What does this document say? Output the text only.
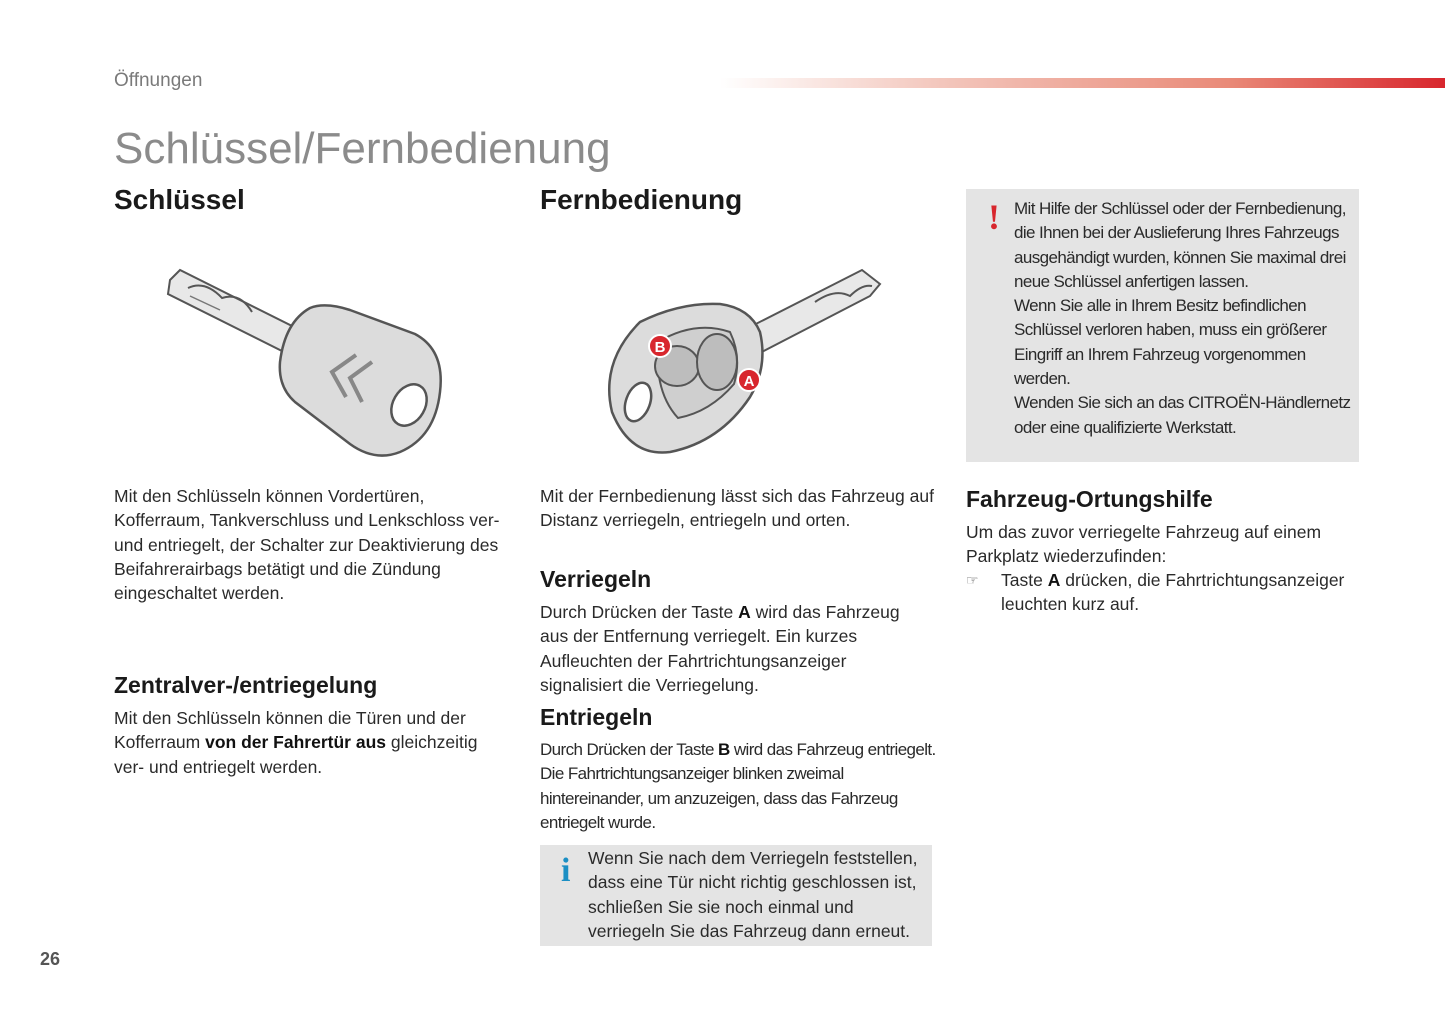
Öffnungen
Schlüssel/Fernbedienung
Schlüssel

Mit den Schlüsseln können Vordertüren, Kofferraum, Tankverschluss und Lenkschloss ver- und entriegelt, der Schalter zur Deaktivierung des Beifahrerairbags betätigt und die Zündung eingeschaltet werden.

Zentralver-/entriegelung

Mit den Schlüsseln können die Türen und der Kofferraum von der Fahrertür aus gleichzeitig ver- und entriegelt werden.

Fernbedienung
B
A

Mit der Fernbedienung lässt sich das Fahrzeug auf Distanz verriegeln, entriegeln und orten.

Verriegeln

Durch Drücken der Taste A wird das Fahrzeug aus der Entfernung verriegelt. Ein kurzes Aufleuchten der Fahrtrichtungsanzeiger signalisiert die Verriegelung.

Entriegeln

Durch Drücken der Taste B wird das Fahrzeug entriegelt. Die Fahrtrichtungsanzeiger blinken zweimal hintereinander, um anzuzeigen, dass das Fahrzeug entriegelt wurde.

i Wenn Sie nach dem Verriegeln feststellen, dass eine Tür nicht richtig geschlossen ist, schließen Sie sie noch einmal und verriegeln Sie das Fahrzeug dann erneut.

! Mit Hilfe der Schlüssel oder der Fernbedienung, die Ihnen bei der Auslieferung Ihres Fahrzeugs ausgehändigt wurden, können Sie maximal drei neue Schlüssel anfertigen lassen.
Wenn Sie alle in Ihrem Besitz befindlichen Schlüssel verloren haben, muss ein größerer Eingriff an Ihrem Fahrzeug vorgenommen werden.
Wenden Sie sich an das CITROËN-Händlernetz oder eine qualifizierte Werkstatt.
Fahrzeug-Ortungshilfe

Um das zuvor verriegelte Fahrzeug auf einem Parkplatz wiederzufinden:

☞ Taste A drücken, die Fahrtrichtungsanzeiger leuchten kurz auf.

26
